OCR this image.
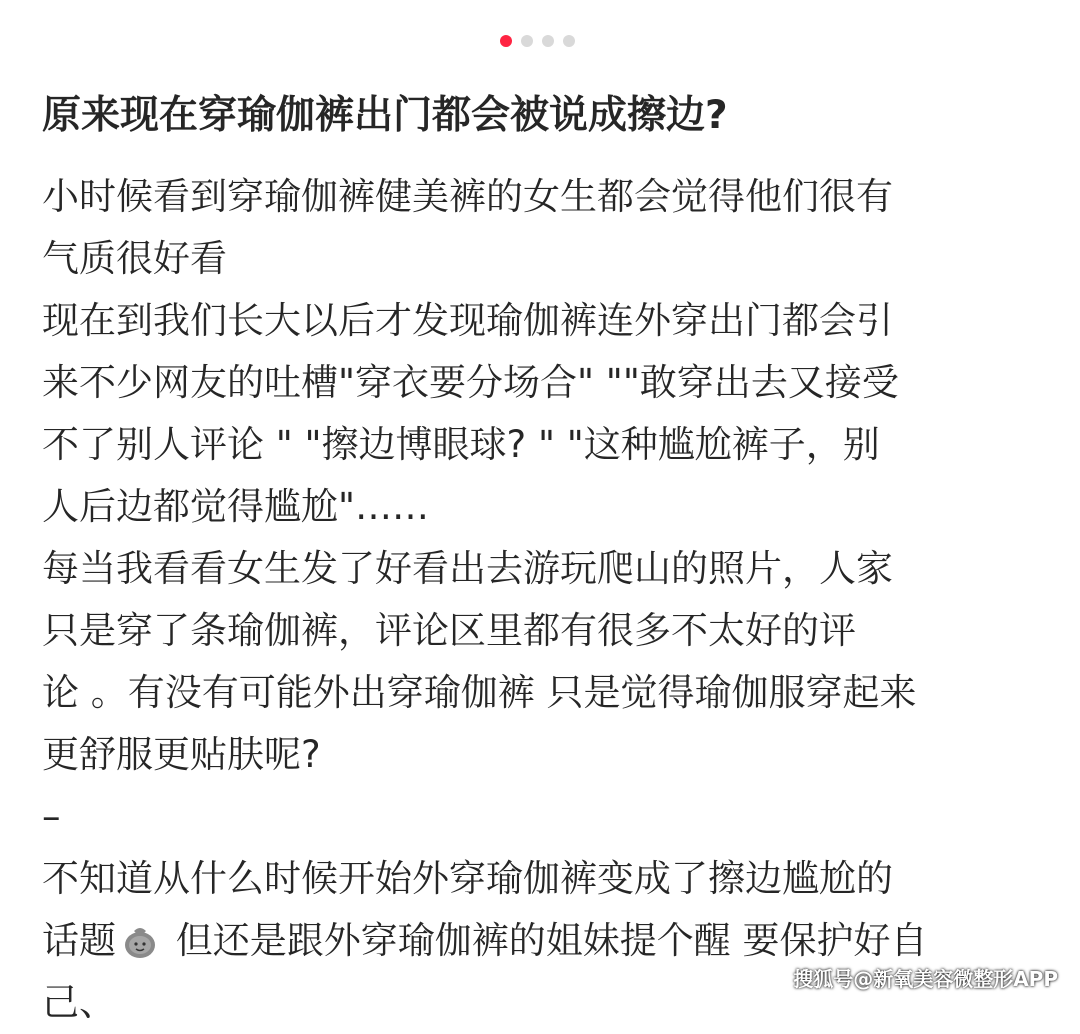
原来现在穿瑜伽裤出门都会被说成擦边?
小时候看到穿瑜伽裤健美裤的女生都会觉得他们很有
气质很好看
现在到我们长大以后才发现瑜伽裤连外穿出门都会引
来不少网友的吐槽"穿衣要分场合" ""敢穿出去又接受
不了别人评论 " "擦边博眼球? " "这种尴尬裤子，别
人后边都觉得尴尬"……
每当我看看女生发了好看出去游玩爬山的照片，人家
只是穿了条瑜伽裤，评论区里都有很多不太好的评
论 。有没有可能外出穿瑜伽裤 只是觉得瑜伽服穿起来
更舒服更贴肤呢?
–
不知道从什么时候开始外穿瑜伽裤变成了擦边尴尬的
话题 但还是跟外穿瑜伽裤的姐妹提个醒 要保护好自
己、
搜狐号@新氧美容微整形APP
